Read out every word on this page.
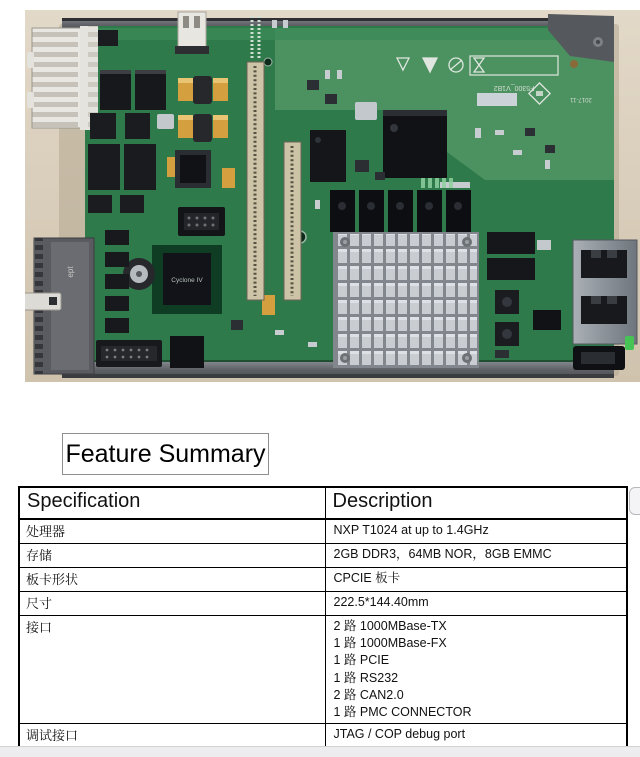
Cyclone IV
ept
F5300_V1B2
2017-11
Feature Summary
Specification	Description
处理器	NXP T1024 at up to 1.4GHz

存储	2GB DDR3，64MB NOR，8GB EMMC

板卡形状	CPCIE 板卡

尺寸	222.5*144.40mm

接口	2 路 1000MBase-TX
1 路 1000MBase-FX
1 路 PCIE
1 路 RS232
2 路 CAN2.0
1 路 PMC CONNECTOR

调试接口	JTAG / COP debug port
